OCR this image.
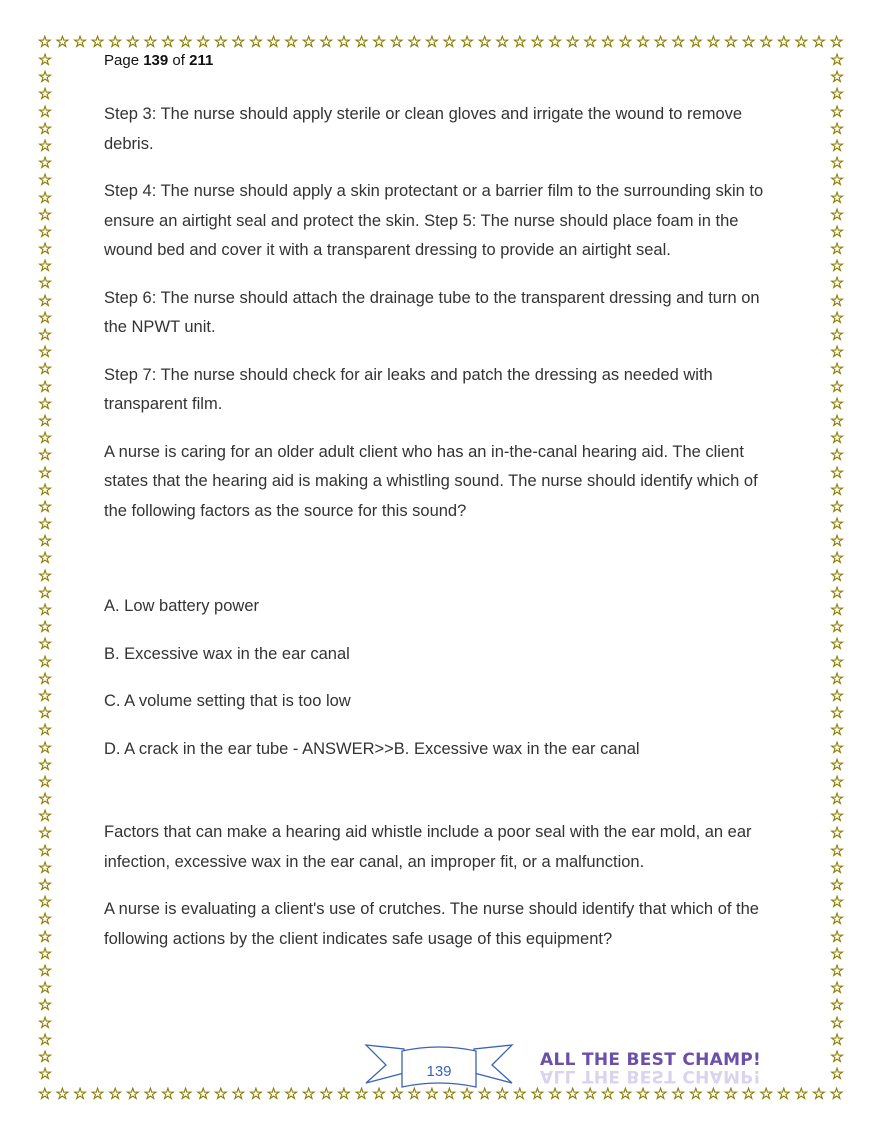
☆ ☆ ☆ ☆ ☆ ☆ ☆ ☆ ☆ ☆ ☆ ☆ ☆ ☆ ☆ ☆ ☆ ☆ ☆ ☆ ☆ ☆ ☆ ☆ ☆ ☆ ☆ ☆ ☆ ☆ ☆ ☆ ☆ ☆ ☆ ☆ ☆ ☆ ☆ ☆ ☆ ☆ ☆ ☆ ☆ ☆
☆ ☆ ☆ ☆ ☆ ☆ ☆ ☆ ☆ ☆ ☆ ☆ ☆ ☆ ☆ ☆ ☆ ☆ ☆ ☆ ☆ ☆ ☆ ☆ ☆ ☆ ☆ ☆ ☆ ☆ ☆ ☆ ☆ ☆ ☆ ☆ ☆ ☆ ☆ ☆ ☆ ☆ ☆ ☆ ☆ ☆
☆
☆
☆
☆
☆
☆
☆
☆
☆
☆
☆
☆
☆
☆
☆
☆
☆
☆
☆
☆
☆
☆
☆
☆
☆
☆
☆
☆
☆
☆
☆
☆
☆
☆
☆
☆
☆
☆
☆
☆
☆
☆
☆
☆
☆
☆
☆
☆
☆
☆
☆
☆
☆
☆
☆
☆
☆
☆
☆
☆
☆
☆
☆
☆
☆
☆
☆
☆
☆
☆
☆
☆
☆
☆
☆
☆
☆
☆
☆
☆
☆
☆
☆
☆
☆
☆
☆
☆
☆
☆
☆
☆
☆
☆
☆
☆
☆
☆
☆
☆
☆
☆
☆
☆
☆
☆
☆
☆
☆
☆
☆
☆
☆
☆
☆
☆
☆
☆
☆
☆
Page 139 of 211

Step 3: The nurse should apply sterile or clean gloves and irrigate the wound to remove debris.

Step 4: The nurse should apply a skin protectant or a barrier film to the surrounding skin to ensure an airtight seal and protect the skin. Step 5: The nurse should place foam in the wound bed and cover it with a transparent dressing to provide an airtight seal.

Step 6: The nurse should attach the drainage tube to the transparent dressing and turn on the NPWT unit.

Step 7: The nurse should check for air leaks and patch the dressing as needed with transparent film.

A nurse is caring for an older adult client who has an in-the-canal hearing aid. The client states that the hearing aid is making a whistling sound. The nurse should identify which of the following factors as the source for this sound?

A. Low battery power

B. Excessive wax in the ear canal

C. A volume setting that is too low

D. A crack in the ear tube - ANSWER>>B. Excessive wax in the ear canal

Factors that can make a hearing aid whistle include a poor seal with the ear mold, an ear infection, excessive wax in the ear canal, an improper fit, or a malfunction.

A nurse is evaluating a client's use of crutches. The nurse should identify that which of the following actions by the client indicates safe usage of this equipment?

139
ALL THE BEST CHAMP!
ALL THE BEST CHAMP!
